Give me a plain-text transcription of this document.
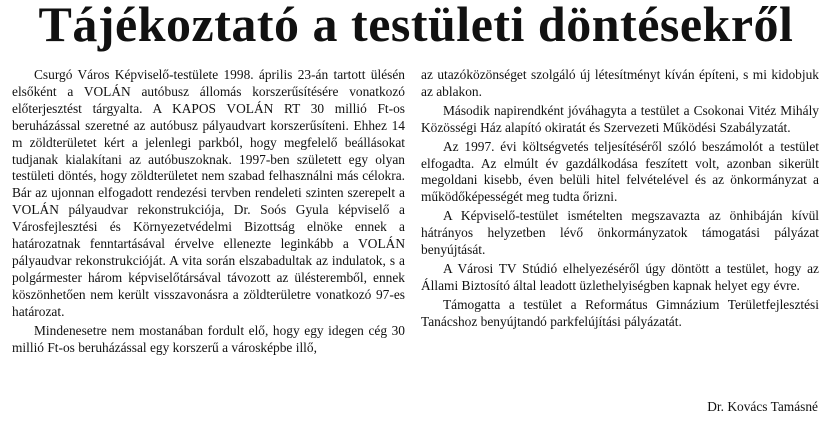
Tájékoztató a testületi döntésekről

Csurgó Város Képviselő-testülete 1998. április 23-án tartott ülésén elsőként a VOLÁN autóbusz állomás korszerűsítésére vonatkozó előterjesztést tárgyalta. A KAPOS VOLÁN RT 30 millió Ft-os beruházással szeretné az autóbusz pályaudvart korszerűsíteni. Ehhez 14 m zöldterületet kért a jelenlegi parkból, hogy megfelelő beállásokat tudjanak kialakítani az autóbuszoknak. 1997-ben született egy olyan testületi döntés, hogy zöldterületet nem szabad felhasználni más célokra. Bár az ujonnan elfogadott rendezési tervben rendeleti szinten szerepelt a VOLÁN pályaudvar rekonstrukciója, Dr. Soós Gyula képviselő a Városfejlesztési és Környezetvédelmi Bizottság elnöke ennek a határozatnak fenntartásával érvelve ellenezte leginkább a VOLÁN pályaudvar rekonstrukcióját. A vita során elszabadultak az indulatok, s a polgármester három képviselőtársával távozott az ülésteremből, ennek köszönhetően nem került visszavonásra a zöldterületre vonatkozó 97-es határozat.

Mindenesetre nem mostanában fordult elő, hogy egy idegen cég 30 millió Ft-os beruházással egy korszerű a városképbe illő,

az utazóközönséget szolgáló új létesítményt kíván építeni, s mi kidobjuk az ablakon.

Második napirendként jóváhagyta a testület a Csokonai Vitéz Mihály Közösségi Ház alapító okiratát és Szervezeti Működési Szabályzatát.

Az 1997. évi költségvetés teljesítéséről szóló beszámolót a testület elfogadta. Az elmúlt év gazdálkodása feszített volt, azonban sikerült megoldani kisebb, éven belüli hitel felvételével és az önkormányzat a működőképességét meg tudta őrizni.

A Képviselő-testület ismételten megszavazta az önhibáján kívül hátrányos helyzetben lévő önkormányzatok támogatási pályázat benyújtását.

A Városi TV Stúdió elhelyezéséről úgy döntött a testület, hogy az Állami Biztosító által leadott üzlethelyiségben kapnak helyet egy évre.

Támogatta a testület a Református Gimnázium Területfejlesztési Tanácshoz benyújtandó parkfelújítási pályázatát.

Dr. Kovács Tamásné
